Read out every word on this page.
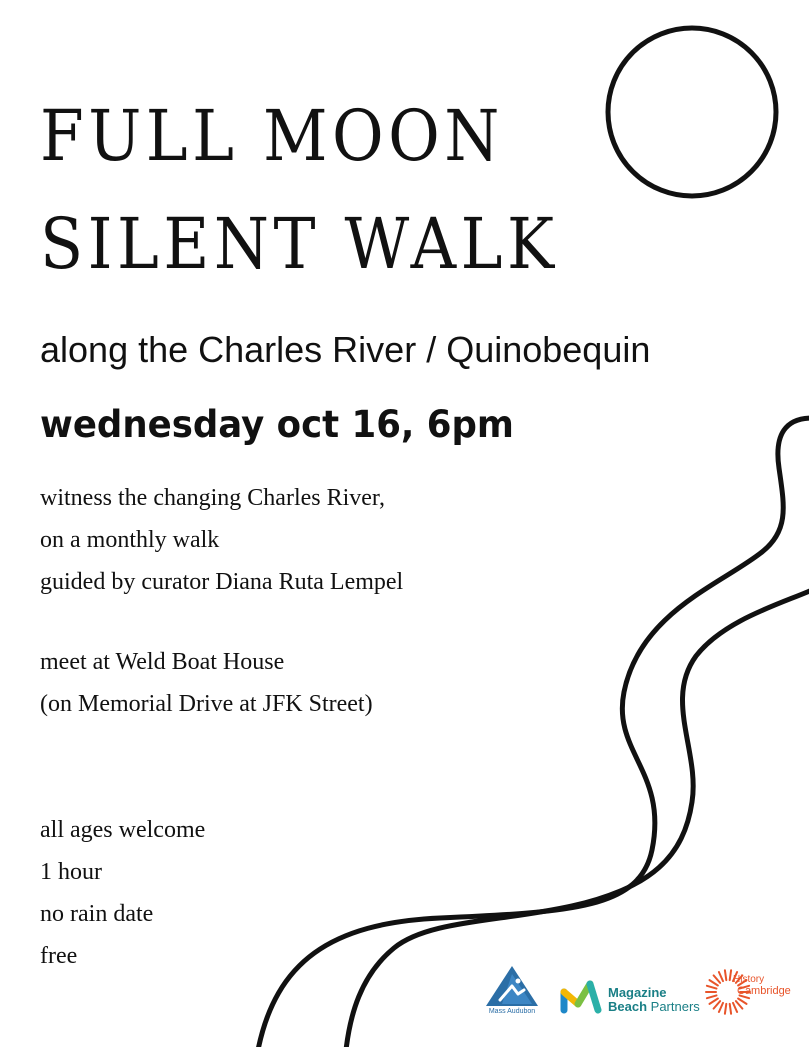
FULL MOON
SILENT WALK
along the Charles River / Quinobequin
wednesday oct 16, 6pm
witness the changing Charles River,
on a monthly walk
guided by curator Diana Ruta Lempel
meet at Weld Boat House
(on Memorial Drive at JFK Street)
all ages welcome
1 hour
no rain date
free
Mass Audubon
Magazine
Beach Partners
History
Cambridge
